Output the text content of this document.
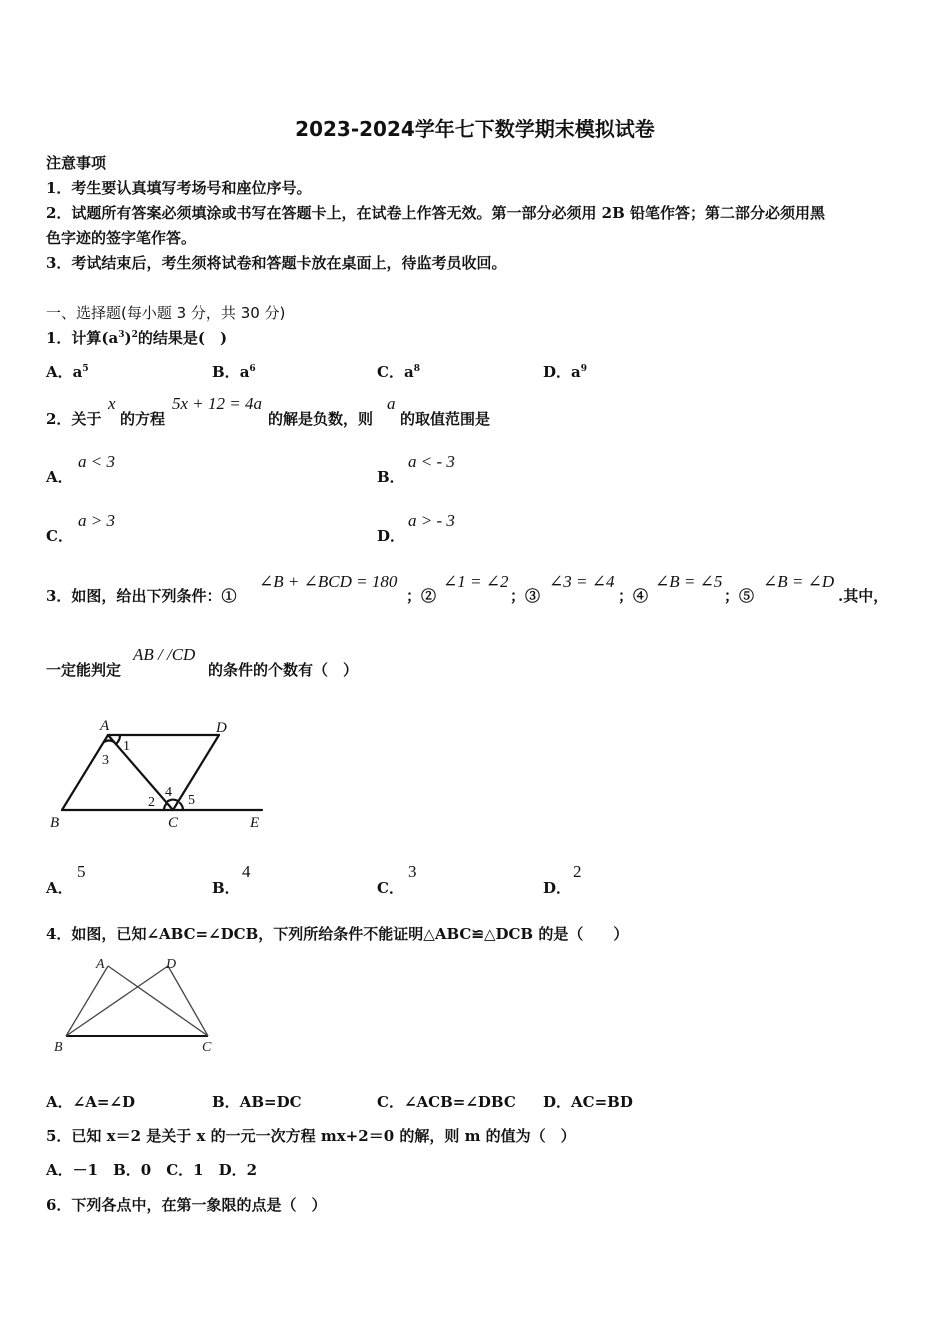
2023-2024学年七下数学期末模拟试卷
注意事项
1．考生要认真填写考场号和座位序号。
2．试题所有答案必须填涂或书写在答题卡上，在试卷上作答无效。第一部分必须用 2B 铅笔作答；第二部分必须用黑
色字迹的签字笔作答。
3．考试结束后，考生须将试卷和答题卡放在桌面上，待监考员收回。
一、选择题(每小题 3 分，共 30 分)
1．计算$(a^3)^2$的结果是(　)
A．$a^5$	B．$a^6$	C．$a^8$	D．$a^9$
2．关于
x
的方程
5x + 12 = 4a
的解是负数，则
a
的取值范围是
A．
a < 3
B．
a < - 3
C．
a > 3
D．
a > - 3
3．如图，给出下列条件：①
∠B + ∠BCD = 180
；②
∠1 = ∠2
；③
∠3 = ∠4
；④
∠B = ∠5
；⑤
∠B = ∠D
.其中，
一定能判定
AB / /CD
的条件的个数有（　）
A	D
B	C	E
1
3
2
4
5
A．
5
B．
4
C．
3
D．
2
4．如图，已知∠ABC=∠DCB，下列所给条件不能证明△ABC≌△DCB 的是（　　）
A	D
B	C
A．∠A=∠D	B．AB=DC	C．∠ACB=∠DBC D．AC=BD
5．已知 x＝2 是关于 x 的一元一次方程 mx+2＝0 的解，则 m 的值为（　）
A．－1　B．0　C．1　D．2
6．下列各点中，在第一象限的点是（　）
